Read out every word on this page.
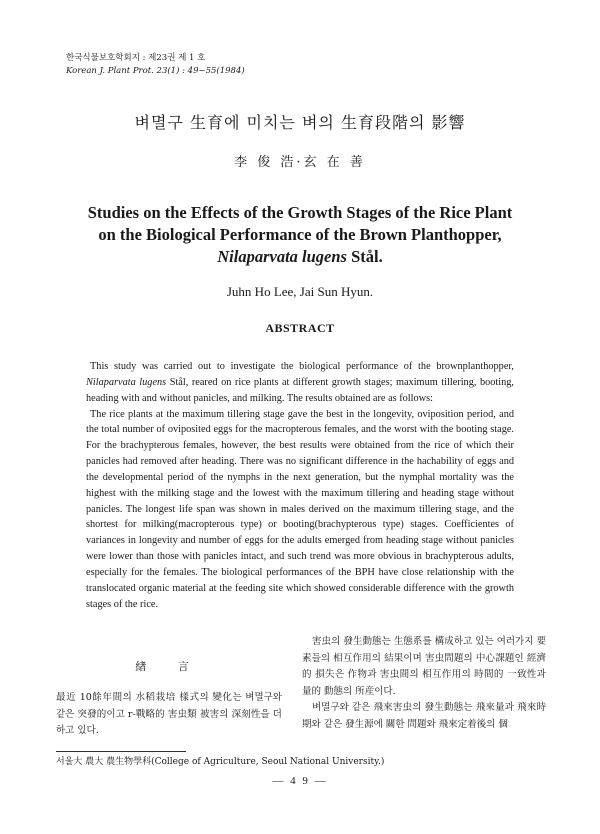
한국식물보호학회지 : 제23권 제 1 호
Korean J. Plant Prot. 23(1) : 49~55(1984)
벼멸구 生育에 미치는 벼의 生育段階의 影響
李 俊 浩·玄 在 善
Studies on the Effects of the Growth Stages of the Rice Plant
on the Biological Performance of the Brown Planthopper,
Nilaparvata lugens Stål.
Juhn Ho Lee, Jai Sun Hyun.
ABSTRACT

This study was carried out to investigate the biological performance of the brownplanthopper, Nilaparvata lugens Stål, reared on rice plants at different growth stages; maximum tillering, booting, heading with and without panicles, and milking. The results obtained are as follows:

The rice plants at the maximum tillering stage gave the best in the longevity, oviposition period, and the total number of oviposited eggs for the macropterous females, and the worst with the booting stage. For the brachypterous females, however, the best results were obtained from the rice of which their panicles had removed after heading. There was no significant difference in the hachability of eggs and the developmental period of the nymphs in the next generation, but the nymphal mortality was the highest with the milking stage and the lowest with the maximum tillering and heading stage without panicles. The longest life span was shown in males derived on the maximum tillering stage, and the shortest for milking(macropterous type) or booting(brachypterous type) stages. Coefficientes of variances in longevity and number of eggs for the adults emerged from heading stage without panicles were lower than those with panicles intact, and such trend was more obvious in brachypterous adults, especially for the females. The biological performances of the BPH have close relationship with the translocated organic material at the feeding site which showed considerable difference with the growth stages of the rice.

緖 言

最近 10餘年間의 水稻栽培 樣式의 變化는 벼멸구와 같은 突發的이고 r-戰略的 害虫類 被害의 深刻性을 더하고 있다.

害虫의 發生動態는 生態系를 構成하고 있는 여러가지 要素들의 相互作用의 結果이며 害虫問題의 中心課題인 經濟的 損失은 作物과 害虫間의 相互作用의 時間的 一致性과 量的 動態의 所産이다.

벼멸구와 같은 飛來害虫의 發生動態는 飛來量과 飛來時期와 같은 發生源에 關한 問題와 飛來定着後의 個

서울大 農大 農生物學科(College of Agriculture, Seoul National University.)
— 4 9 —
